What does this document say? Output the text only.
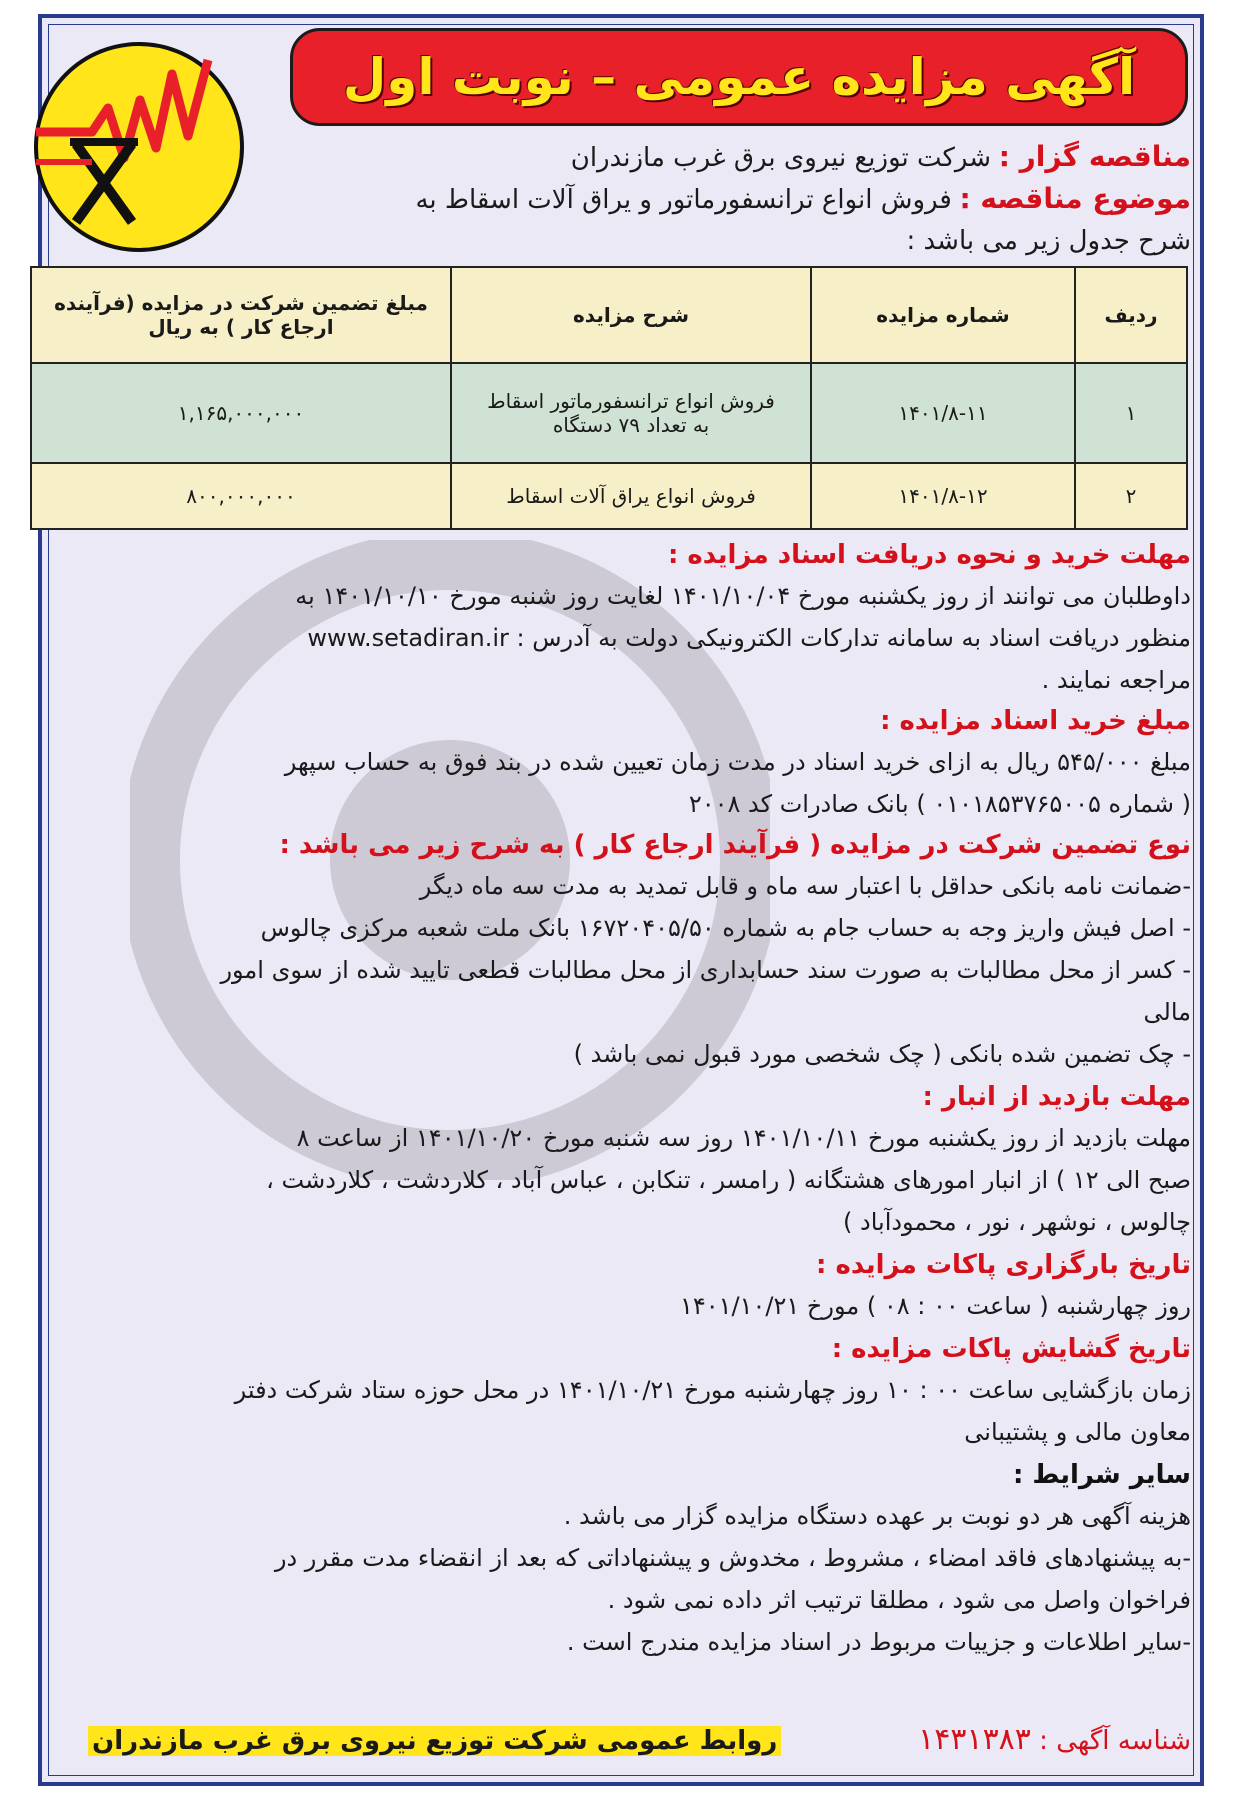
آگهی مزایده عمومی – نوبت اول
مناقصه گزار : شرکت توزیع نیروی برق غرب مازندران
موضوع مناقصه : فروش انواع ترانسفورماتور و یراق آلات اسقاط به
شرح جدول زیر می باشد :
ردیف	شماره مزایده	شرح مزایده	مبلغ تضمین شرکت در مزایده (فرآینده ارجاع کار ) به ریال
۱	۱۴۰۱/۸-۱۱	فروش انواع ترانسفورماتور اسقاط
به تعداد ۷۹ دستگاه	۱,۱۶۵,۰۰۰,۰۰۰
۲	۱۴۰۱/۸-۱۲	فروش انواع یراق آلات اسقاط	۸۰۰,۰۰۰,۰۰۰
مهلت خرید و نحوه دریافت اسناد مزایده :
داوطلبان می توانند از روز یکشنبه مورخ ۱۴۰۱/۱۰/۰۴ لغایت روز شنبه مورخ ۱۴۰۱/۱۰/۱۰ به
منظور دریافت اسناد به سامانه تدارکات الکترونیکی دولت به آدرس : www.setadiran.ir
مراجعه نمایند .
مبلغ خرید اسناد مزایده :
مبلغ ۵۴۵/۰۰۰ ریال به ازای خرید اسناد در مدت زمان تعیین شده در بند فوق به حساب سپهر
( شماره ۰۱۰۱۸۵۳۷۶۵۰۰۵ ) بانک صادرات کد ۲۰۰۸
نوع تضمین شرکت در مزایده ( فرآیند ارجاع کار ) به شرح زیر می باشد :
-ضمانت نامه بانکی حداقل با اعتبار سه ماه و قابل تمدید به مدت سه ماه دیگر
- اصل فیش واریز وجه به حساب جام به شماره ۱۶۷۲۰۴۰۵/۵۰ بانک ملت شعبه مرکزی چالوس
- کسر از محل مطالبات به صورت سند حسابداری از محل مطالبات قطعی تایید شده از سوی امور
مالی
- چک تضمین شده بانکی ( چک شخصی مورد قبول نمی باشد )
مهلت بازدید از انبار :
مهلت بازدید از روز یکشنبه مورخ ۱۴۰۱/۱۰/۱۱ روز سه شنبه مورخ ۱۴۰۱/۱۰/۲۰ از ساعت ۸
صبح الی ۱۲ ) از انبار امورهای هشتگانه ( رامسر ، تنکابن ، عباس آباد ، کلاردشت ، کلاردشت ،
چالوس ، نوشهر ، نور ، محمودآباد )
تاریخ بارگزاری پاکات مزایده :
روز چهارشنبه ( ساعت ۰۰ : ۰۸ ) مورخ ۱۴۰۱/۱۰/۲۱
تاریخ گشایش پاکات مزایده :
زمان بازگشایی ساعت ۰۰ : ۱۰ روز چهارشنبه مورخ ۱۴۰۱/۱۰/۲۱ در محل حوزه ستاد شرکت دفتر
معاون مالی و پشتیبانی
سایر شرایط :
هزینه آگهی هر دو نوبت بر عهده دستگاه مزایده گزار می باشد .
-به پیشنهادهای فاقد امضاء ، مشروط ، مخدوش و پیشنهاداتی که بعد از انقضاء مدت مقرر در
فراخوان واصل می شود ، مطلقا ترتیب اثر داده نمی شود .
-سایر اطلاعات و جزییات مربوط در اسناد مزایده مندرج است .
شناسه آگهی : ۱۴۳۱۳۸۳
روابط عمومی شرکت توزیع نیروی برق غرب مازندران
